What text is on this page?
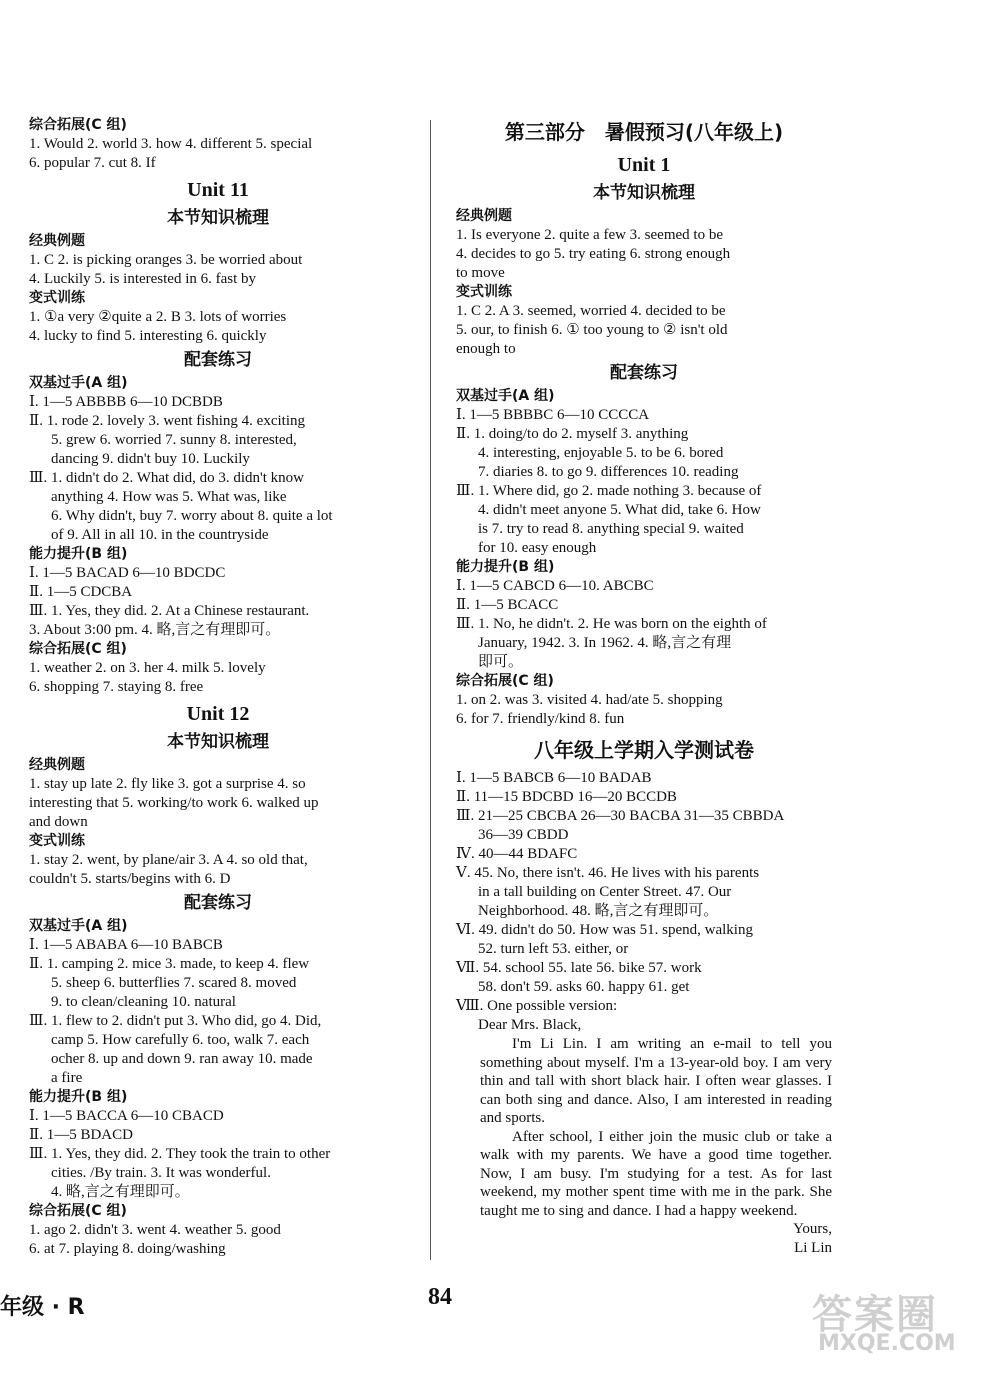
综合拓展(C 组)
1. Would 2. world 3. how 4. different 5. special
6. popular 7. cut 8. If
Unit 11
本节知识梳理
经典例题
1. C 2. is picking oranges 3. be worried about
4. Luckily 5. is interested in 6. fast by
变式训练
1. ①a very ②quite a 2. B 3. lots of worries
4. lucky to find 5. interesting 6. quickly
配套练习
双基过手(A 组)
Ⅰ. 1—5 ABBBB 6—10 DCBDB
Ⅱ. 1. rode 2. lovely 3. went fishing 4. exciting
5. grew 6. worried 7. sunny 8. interested,
dancing 9. didn't buy 10. Luckily
Ⅲ. 1. didn't do 2. What did, do 3. didn't know
anything 4. How was 5. What was, like
6. Why didn't, buy 7. worry about 8. quite a lot
of 9. All in all 10. in the countryside
能力提升(B 组)
Ⅰ. 1—5 BACAD 6—10 BDCDC
Ⅱ. 1—5 CDCBA
Ⅲ. 1. Yes, they did. 2. At a Chinese restaurant.
3. About 3:00 pm. 4. 略,言之有理即可。
综合拓展(C 组)
1. weather 2. on 3. her 4. milk 5. lovely
6. shopping 7. staying 8. free
Unit 12
本节知识梳理
经典例题
1. stay up late 2. fly like 3. got a surprise 4. so
interesting that 5. working/to work 6. walked up
and down
变式训练
1. stay 2. went, by plane/air 3. A 4. so old that,
couldn't 5. starts/begins with 6. D
配套练习
双基过手(A 组)
Ⅰ. 1—5 ABABA 6—10 BABCB
Ⅱ. 1. camping 2. mice 3. made, to keep 4. flew
5. sheep 6. butterflies 7. scared 8. moved
9. to clean/cleaning 10. natural
Ⅲ. 1. flew to 2. didn't put 3. Who did, go 4. Did,
camp 5. How carefully 6. too, walk 7. each
ocher 8. up and down 9. ran away 10. made
a fire
能力提升(B 组)
Ⅰ. 1—5 BACCA 6—10 CBACD
Ⅱ. 1—5 BDACD
Ⅲ. 1. Yes, they did. 2. They took the train to other
cities. /By train. 3. It was wonderful.
4. 略,言之有理即可。
综合拓展(C 组)
1. ago 2. didn't 3. went 4. weather 5. good
6. at 7. playing 8. doing/washing
第三部分　暑假预习(八年级上)
Unit 1
本节知识梳理
经典例题
1. Is everyone 2. quite a few 3. seemed to be
4. decides to go 5. try eating 6. strong enough
to move
变式训练
1. C 2. A 3. seemed, worried 4. decided to be
5. our, to finish 6. ① too young to ② isn't old
enough to
配套练习
双基过手(A 组)
Ⅰ. 1—5 BBBBC 6—10 CCCCA
Ⅱ. 1. doing/to do 2. myself 3. anything
4. interesting, enjoyable 5. to be 6. bored
7. diaries 8. to go 9. differences 10. reading
Ⅲ. 1. Where did, go 2. made nothing 3. because of
4. didn't meet anyone 5. What did, take 6. How
is 7. try to read 8. anything special 9. waited
for 10. easy enough
能力提升(B 组)
Ⅰ. 1—5 CABCD 6—10. ABCBC
Ⅱ. 1—5 BCACC
Ⅲ. 1. No, he didn't. 2. He was born on the eighth of
January, 1942. 3. In 1962. 4. 略,言之有理
即可。
综合拓展(C 组)
1. on 2. was 3. visited 4. had/ate 5. shopping
6. for 7. friendly/kind 8. fun
八年级上学期入学测试卷
Ⅰ. 1—5 BABCB 6—10 BADAB
Ⅱ. 11—15 BDCBD 16—20 BCCDB
Ⅲ. 21—25 CBCBA 26—30 BACBA 31—35 CBBDA
36—39 CBDD
Ⅳ. 40—44 BDAFC
Ⅴ. 45. No, there isn't. 46. He lives with his parents
in a tall building on Center Street. 47. Our
Neighborhood. 48. 略,言之有理即可。
Ⅵ. 49. didn't do 50. How was 51. spend, walking
52. turn left 53. either, or
Ⅶ. 54. school 55. late 56. bike 57. work
58. don't 59. asks 60. happy 61. get
Ⅷ. One possible version:
Dear Mrs. Black,

I'm Li Lin. I am writing an e-mail to tell you something about myself. I'm a 13-year-old boy. I am very thin and tall with short black hair. I often wear glasses. I can both sing and dance. Also, I am interested in reading and sports.

After school, I either join the music club or take a walk with my parents. We have a good time together. Now, I am busy. I'm studying for a test. As for last weekend, my mother spent time with me in the park. She taught me to sing and dance. I had a happy weekend.

Yours,

Li Lin

年级 · R	84	答案圈
MXQE.COM
